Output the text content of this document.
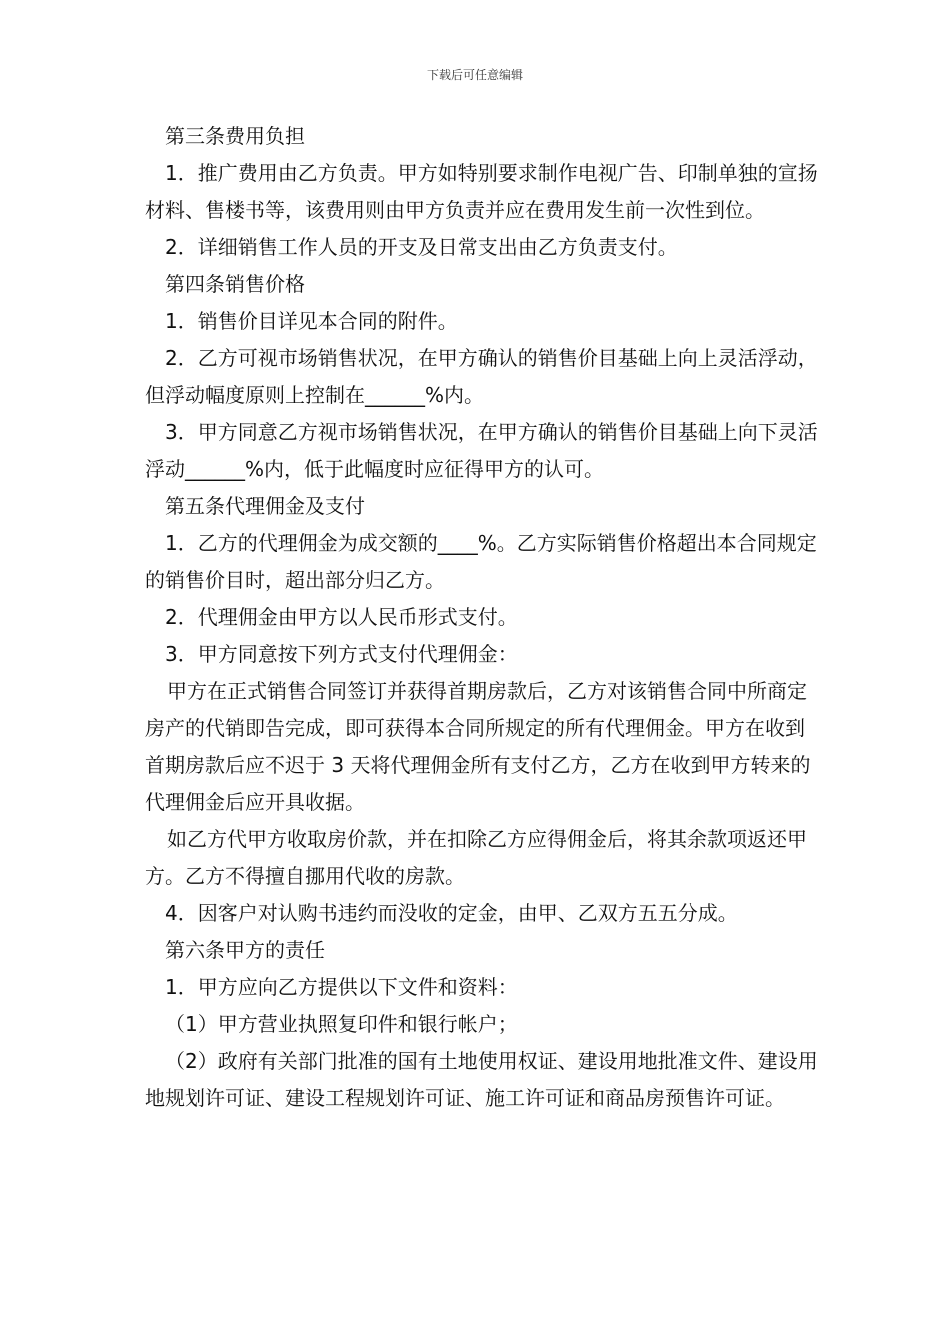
下载后可任意编辑

第三条费用负担

1．推广费用由乙方负责。甲方如特别要求制作电视广告、印制单独的宣扬材料、售楼书等，该费用则由甲方负责并应在费用发生前一次性到位。

2．详细销售工作人员的开支及日常支出由乙方负责支付。

第四条销售价格

1．销售价目详见本合同的附件。

2．乙方可视市场销售状况，在甲方确认的销售价目基础上向上灵活浮动，但浮动幅度原则上控制在______%内。

3．甲方同意乙方视市场销售状况，在甲方确认的销售价目基础上向下灵活浮动______%内，低于此幅度时应征得甲方的认可。

第五条代理佣金及支付

1．乙方的代理佣金为成交额的____%。乙方实际销售价格超出本合同规定的销售价目时，超出部分归乙方。

2．代理佣金由甲方以人民币形式支付。

3．甲方同意按下列方式支付代理佣金：

甲方在正式销售合同签订并获得首期房款后，乙方对该销售合同中所商定房产的代销即告完成，即可获得本合同所规定的所有代理佣金。甲方在收到首期房款后应不迟于 3 天将代理佣金所有支付乙方，乙方在收到甲方转来的代理佣金后应开具收据。

如乙方代甲方收取房价款，并在扣除乙方应得佣金后，将其余款项返还甲方。乙方不得擅自挪用代收的房款。

4．因客户对认购书违约而没收的定金，由甲、乙双方五五分成。

第六条甲方的责任

1．甲方应向乙方提供以下文件和资料：

（1）甲方营业执照复印件和银行帐户；

（2）政府有关部门批准的国有土地使用权证、建设用地批准文件、建设用地规划许可证、建设工程规划许可证、施工许可证和商品房预售许可证。
